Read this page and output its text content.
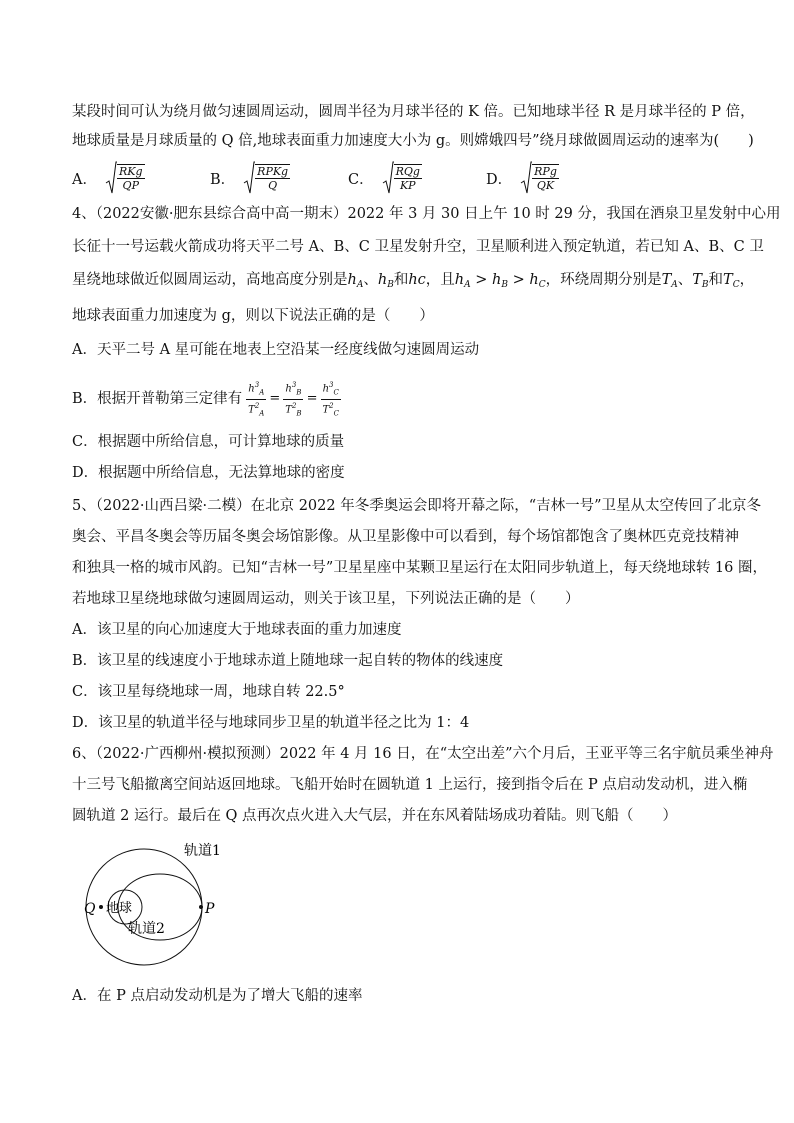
某段时间可认为绕月做匀速圆周运动，圆周半径为月球半径的 K 倍。已知地球半径 R 是月球半径的 P 倍，
地球质量是月球质量的 Q 倍,地球表面重力加速度大小为 g。则嫦娥四号”绕月球做圆周运动的速率为(　　)
A． $\frac{\text{RKg}}{QP}$	B． $\frac{\text{RPKg}}{Q}$	C． $\frac{\text{RQg}}{KP}$	D． $\frac{\text{RPg}}{QK}$
4、（2022安徽·肥东县综合高中高一期末）2022 年 3 月 30 日上午 10 时 29 分，我国在酒泉卫星发射中心用
长征十一号运载火箭成功将天平二号 A、B、C 卫星发射升空，卫星顺利进入预定轨道，若已知 A、B、C 卫
星绕地球做近似圆周运动，高地高度分别是$h_A$、$h_B$和hc，且$h_A > h_B > h_C$，环绕周期分别是$T_A$、$T_B$和$T_C$，
地球表面重力加速度为 g，则以下说法正确的是（　　）
A．天平二号 A 星可能在地表上空沿某一经度线做匀速圆周运动
B．根据开普勒第三定律有 $\frac{h^3_A}{T^2_A} = \frac{h^3_B}{T^2_B} = \frac{h^3_C}{T^2_C}$
C．根据题中所给信息，可计算地球的质量
D．根据题中所给信息，无法算地球的密度
5、（2022·山西吕梁·二模）在北京 2022 年冬季奥运会即将开幕之际，“吉林一号”卫星从太空传回了北京冬
奥会、平昌冬奥会等历届冬奥会场馆影像。从卫星影像中可以看到，每个场馆都饱含了奥林匹克竞技精神
和独具一格的城市风韵。已知“吉林一号”卫星星座中某颗卫星运行在太阳同步轨道上，每天绕地球转 16 圈，
若地球卫星绕地球做匀速圆周运动，则关于该卫星，下列说法正确的是（　　）
A．该卫星的向心加速度大于地球表面的重力加速度
B．该卫星的线速度小于地球赤道上随地球一起自转的物体的线速度
C．该卫星每绕地球一周，地球自转 22.5°
D．该卫星的轨道半径与地球同步卫星的轨道半径之比为 1：4
6、（2022·广西柳州·模拟预测）2022 年 4 月 16 日，在“太空出差”六个月后，王亚平等三名宇航员乘坐神舟
十三号飞船撤离空间站返回地球。飞船开始时在圆轨道 1 上运行，接到指令后在 P 点启动发动机，进入椭
圆轨道 2 运行。最后在 Q 点再次点火进入大气层，并在东风着陆场成功着陆。则飞船（　　）
轨道1
轨道2
地球
Q	P
A．在 P 点启动发动机是为了增大飞船的速率
